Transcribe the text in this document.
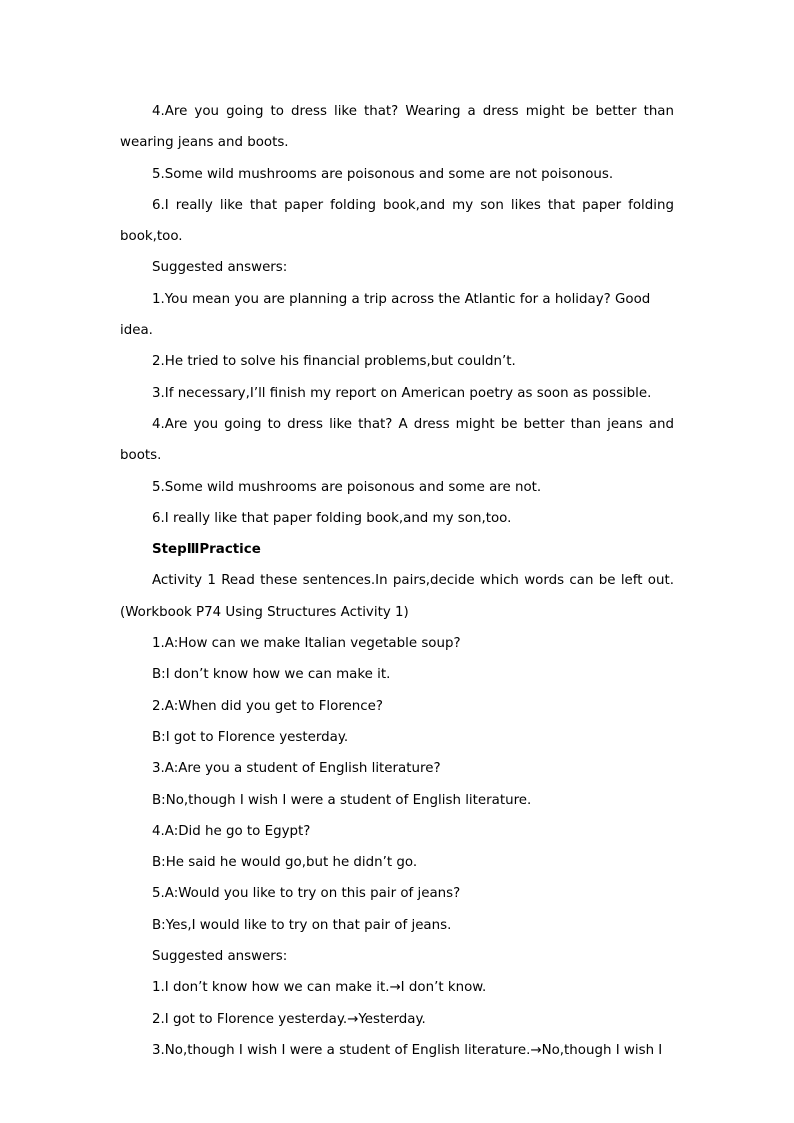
4.Are you going to dress like that? Wearing a dress might be better than wearing jeans and boots.

5.Some wild mushrooms are poisonous and some are not poisonous.

6.I really like that paper folding book,and my son likes that paper folding book,too.

Suggested answers:

1.You mean you are planning a trip across the Atlantic for a holiday? Good idea.

2.He tried to solve his financial problems,but couldn’t.

3.If necessary,I’ll finish my report on American poetry as soon as possible.

4.Are you going to dress like that? A dress might be better than jeans and boots.

5.Some wild mushrooms are poisonous and some are not.

6.I really like that paper folding book,and my son,too.

StepⅢPractice

Activity 1 Read these sentences.In pairs,decide which words can be left out.(Workbook P74 Using Structures Activity 1)

1.A:How can we make Italian vegetable soup?

B:I don’t know how we can make it.

2.A:When did you get to Florence?

B:I got to Florence yesterday.

3.A:Are you a student of English literature?

B:No,though I wish I were a student of English literature.

4.A:Did he go to Egypt?

B:He said he would go,but he didn’t go.

5.A:Would you like to try on this pair of jeans?

B:Yes,I would like to try on that pair of jeans.

Suggested answers:

1.I don’t know how we can make it.→I don’t know.

2.I got to Florence yesterday.→Yesterday.

3.No,though I wish I were a student of English literature.→No,though I wish I
